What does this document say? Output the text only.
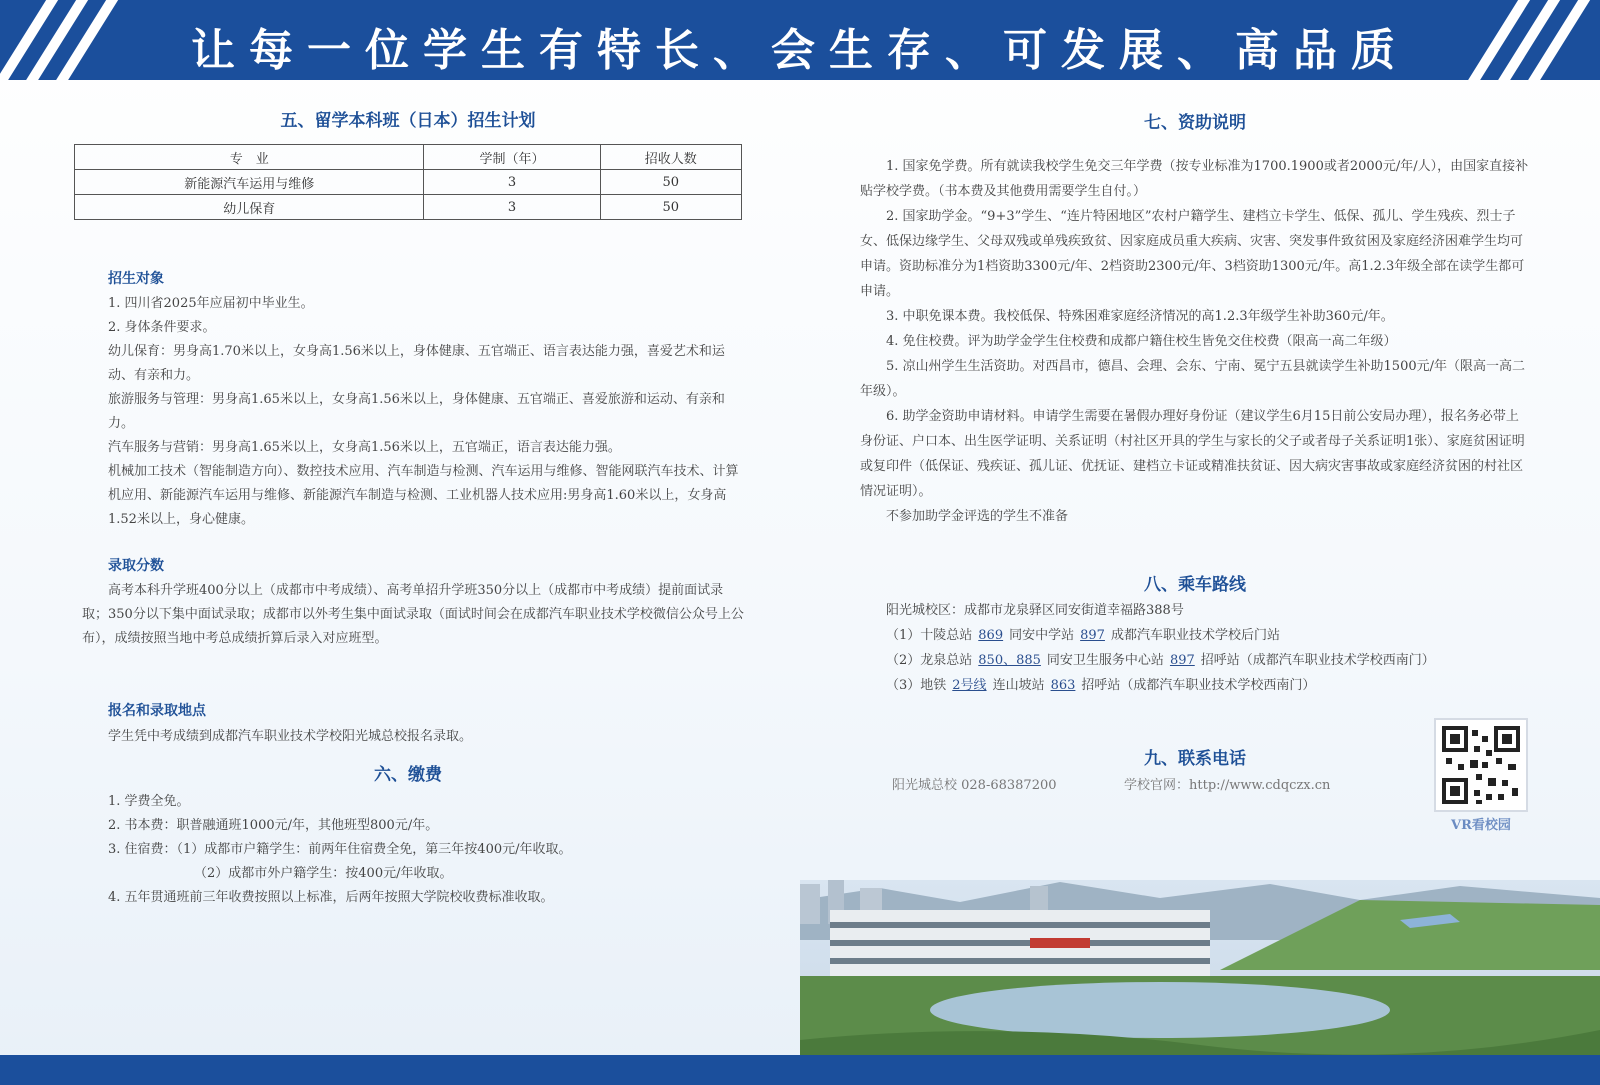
让每一位学生有特长、会生存、可发展、高品质
五、留学本科班（日本）招生计划
专　业	学制（年）	招收人数
新能源汽车运用与维修	3	50
幼儿保育	3	50
招生对象

1. 四川省2025年应届初中毕业生。

2. 身体条件要求。

幼儿保育：男身高1.70米以上，女身高1.56米以上，身体健康、五官端正、语言表达能力强，喜爱艺术和运动、有亲和力。

旅游服务与管理：男身高1.65米以上，女身高1.56米以上，身体健康、五官端正、喜爱旅游和运动、有亲和力。

汽车服务与营销：男身高1.65米以上，女身高1.56米以上，五官端正，语言表达能力强。

机械加工技术（智能制造方向）、数控技术应用、汽车制造与检测、汽车运用与维修、智能网联汽车技术、计算机应用、新能源汽车运用与维修、新能源汽车制造与检测、工业机器人技术应用:男身高1.60米以上，女身高1.52米以上，身心健康。

录取分数
高考本科升学班400分以上（成都市中考成绩）、高考单招升学班350分以上（成都市中考成绩）提前面试录取；350分以下集中面试录取；成都市以外考生集中面试录取（面试时间会在成都汽车职业技术学校微信公众号上公布），成绩按照当地中考总成绩折算后录入对应班型。
报名和录取地点
学生凭中考成绩到成都汽车职业技术学校阳光城总校报名录取。
六、缴费

1. 学费全免。

2. 书本费：职普融通班1000元/年，其他班型800元/年。

3. 住宿费：（1）成都市户籍学生：前两年住宿费全免，第三年按400元/年收取。

（2）成都市外户籍学生：按400元/年收取。

4. 五年贯通班前三年收费按照以上标准，后两年按照大学院校收费标准收取。

七、资助说明

1. 国家免学费。所有就读我校学生免交三年学费（按专业标准为1700.1900或者2000元/年/人），由国家直接补贴学校学费。（书本费及其他费用需要学生自付。）

2. 国家助学金。“9+3”学生、“连片特困地区”农村户籍学生、建档立卡学生、低保、孤儿、学生残疾、烈士子女、低保边缘学生、父母双残或单残疾致贫、因家庭成员重大疾病、灾害、突发事件致贫困及家庭经济困难学生均可申请。资助标准分为1档资助3300元/年、2档资助2300元/年、3档资助1300元/年。高1.2.3年级全部在读学生都可申请。

3. 中职免课本费。我校低保、特殊困难家庭经济情况的高1.2.3年级学生补助360元/年。

4. 免住校费。评为助学金学生住校费和成都户籍住校生皆免交住校费（限高一高二年级）

5. 凉山州学生生活资助。对西昌市，德昌、会理、会东、宁南、冕宁五县就读学生补助1500元/年（限高一高二年级）。

6. 助学金资助申请材料。申请学生需要在暑假办理好身份证（建议学生6月15日前公安局办理），报名务必带上身份证、户口本、出生医学证明、关系证明（村社区开具的学生与家长的父子或者母子关系证明1张）、家庭贫困证明或复印件（低保证、残疾证、孤儿证、优抚证、建档立卡证或精准扶贫证、因大病灾害事故或家庭经济贫困的村社区情况证明）。

不参加助学金评选的学生不准备

八、乘车路线

阳光城校区：成都市龙泉驿区同安街道幸福路388号

（1）十陵总站 869 同安中学站 897 成都汽车职业技术学校后门站

（2）龙泉总站 850、885 同安卫生服务中心站 897 招呼站（成都汽车职业技术学校西南门）

（3）地铁 2号线 连山坡站 863 招呼站（成都汽车职业技术学校西南门）

九、联系电话
阳光城总校 028-68387200	学校官网：http://www.cdqczx.cn
VR看校园
